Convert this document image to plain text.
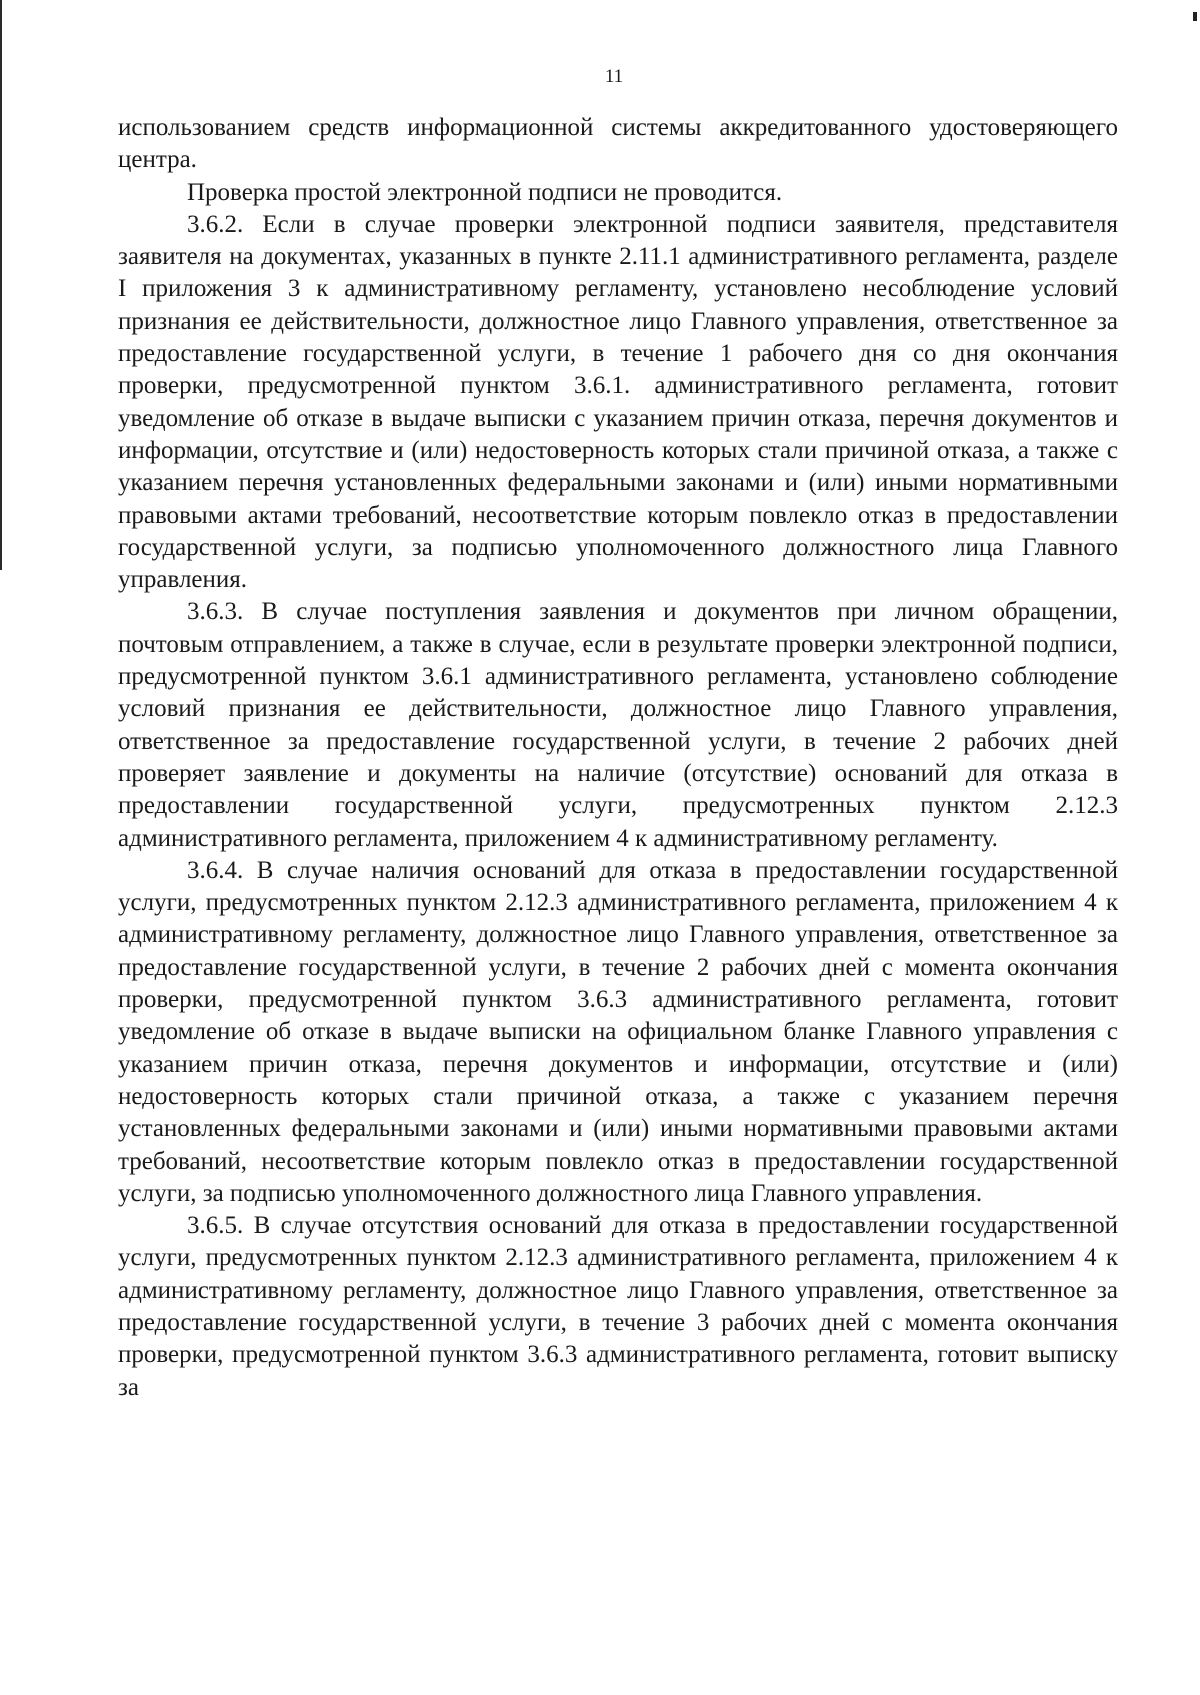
11

использованием средств информационной системы аккредитованного удостоверяющего центра.

Проверка простой электронной подписи не проводится.

3.6.2. Если в случае проверки электронной подписи заявителя, представителя заявителя на документах, указанных в пункте 2.11.1 административного регламента, разделе I приложения 3 к административному регламенту, установлено несоблюдение условий признания ее действительности, должностное лицо Главного управления, ответственное за предоставление государственной услуги, в течение 1 рабочего дня со дня окончания проверки, предусмотренной пунктом 3.6.1. административного регламента, готовит уведомление об отказе в выдаче выписки с указанием причин отказа, перечня документов и информации, отсутствие и (или) недостоверность которых стали причиной отказа, а также с указанием перечня установленных федеральными законами и (или) иными нормативными правовыми актами требований, несоответствие которым повлекло отказ в предоставлении государственной услуги, за подписью уполномоченного должностного лица Главного управления.

3.6.3. В случае поступления заявления и документов при личном обращении, почтовым отправлением, а также в случае, если в результате проверки электронной подписи, предусмотренной пунктом 3.6.1 административного регламента, установлено соблюдение условий признания ее действительности, должностное лицо Главного управления, ответственное за предоставление государственной услуги, в течение 2 рабочих дней проверяет заявление и документы на наличие (отсутствие) оснований для отказа в предоставлении государственной услуги, предусмотренных пунктом 2.12.3 административного регламента, приложением 4 к административному регламенту.

3.6.4. В случае наличия оснований для отказа в предоставлении государственной услуги, предусмотренных пунктом 2.12.3 административного регламента, приложением 4 к административному регламенту, должностное лицо Главного управления, ответственное за предоставление государственной услуги, в течение 2 рабочих дней с момента окончания проверки, предусмотренной пунктом 3.6.3 административного регламента, готовит уведомление об отказе в выдаче выписки на официальном бланке Главного управления с указанием причин отказа, перечня документов и информации, отсутствие и (или) недостоверность которых стали причиной отказа, а также с указанием перечня установленных федеральными законами и (или) иными нормативными правовыми актами требований, несоответствие которым повлекло отказ в предоставлении государственной услуги, за подписью уполномоченного должностного лица Главного управления.

3.6.5. В случае отсутствия оснований для отказа в предоставлении государственной услуги, предусмотренных пунктом 2.12.3 административного регламента, приложением 4 к административному регламенту, должностное лицо Главного управления, ответственное за предоставление государственной услуги, в течение 3 рабочих дней с момента окончания проверки, предусмотренной пунктом 3.6.3 административного регламента, готовит выписку за
